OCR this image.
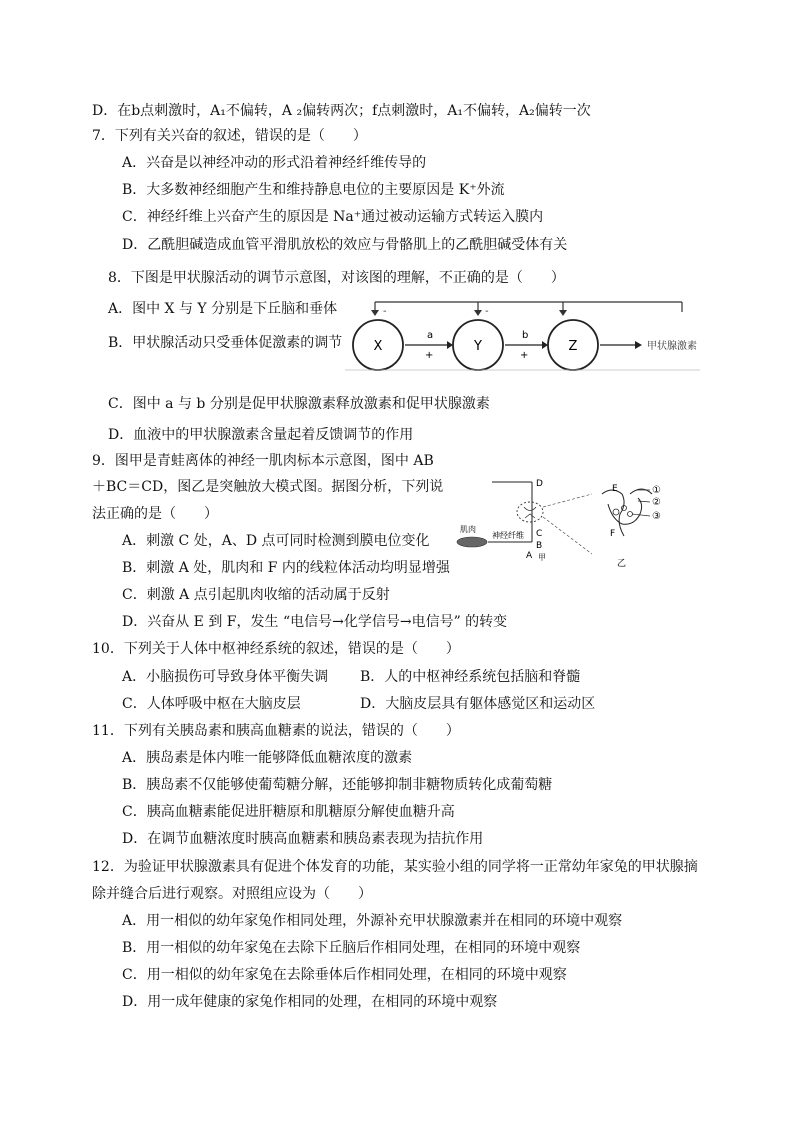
D．在b点刺激时，A₁不偏转，A ₂偏转两次；f点刺激时，A₁不偏转，A₂偏转一次
7．下列有关兴奋的叙述，错误的是（　　）
A．兴奋是以神经冲动的形式沿着神经纤维传导的
B．大多数神经细胞产生和维持静息电位的主要原因是 K⁺外流
C．神经纤维上兴奋产生的原因是 Na⁺通过被动运输方式转运入膜内
D．乙酰胆碱造成血管平滑肌放松的效应与骨骼肌上的乙酰胆碱受体有关
8．下图是甲状腺活动的调节示意图，对该图的理解，不正确的是（　　）
A．图中 X 与 Y 分别是下丘脑和垂体
B．甲状腺活动只受垂体促激素的调节
-	-
X	Y	Z
a
+
b
+
甲状腺激素
C．图中 a 与 b 分别是促甲状腺激素释放激素和促甲状腺激素
D．血液中的甲状腺激素含量起着反馈调节的作用
9．图甲是青蛙离体的神经一肌肉标本示意图，图中 AB
＋BC＝CD，图乙是突触放大模式图。据图分析，下列说
法正确的是（　　）
A．刺激 C 处，A、D 点可同时检测到膜电位变化
B．刺激 A 处，肌肉和 F 内的线粒体活动均明显增强
C．刺激 A 点引起肌肉收缩的活动属于反射
D．兴奋从 E 到 F，发生 “电信号→化学信号→电信号” 的转变
肌肉
神经纤维
D
C
B
A 甲
E
F
乙
①
②
③
10．下列关于人体中枢神经系统的叙述，错误的是（　　）
A．小脑损伤可导致身体平衡失调 B．人的中枢神经系统包括脑和脊髓
C．人体呼吸中枢在大脑皮层	D．大脑皮层具有躯体感觉区和运动区
11．下列有关胰岛素和胰高血糖素的说法，错误的（　　）
A．胰岛素是体内唯一能够降低血糖浓度的激素
B．胰岛素不仅能够使葡萄糖分解，还能够抑制非糖物质转化成葡萄糖
C．胰高血糖素能促进肝糖原和肌糖原分解使血糖升高
D．在调节血糖浓度时胰高血糖素和胰岛素表现为拮抗作用
12．为验证甲状腺激素具有促进个体发育的功能，某实验小组的同学将一正常幼年家兔的甲状腺摘
除并缝合后进行观察。对照组应设为（　　）
A．用一相似的幼年家兔作相同处理，外源补充甲状腺激素并在相同的环境中观察
B．用一相似的幼年家兔在去除下丘脑后作相同处理，在相同的环境中观察
C．用一相似的幼年家兔在去除垂体后作相同处理，在相同的环境中观察
D．用一成年健康的家兔作相同的处理，在相同的环境中观察
